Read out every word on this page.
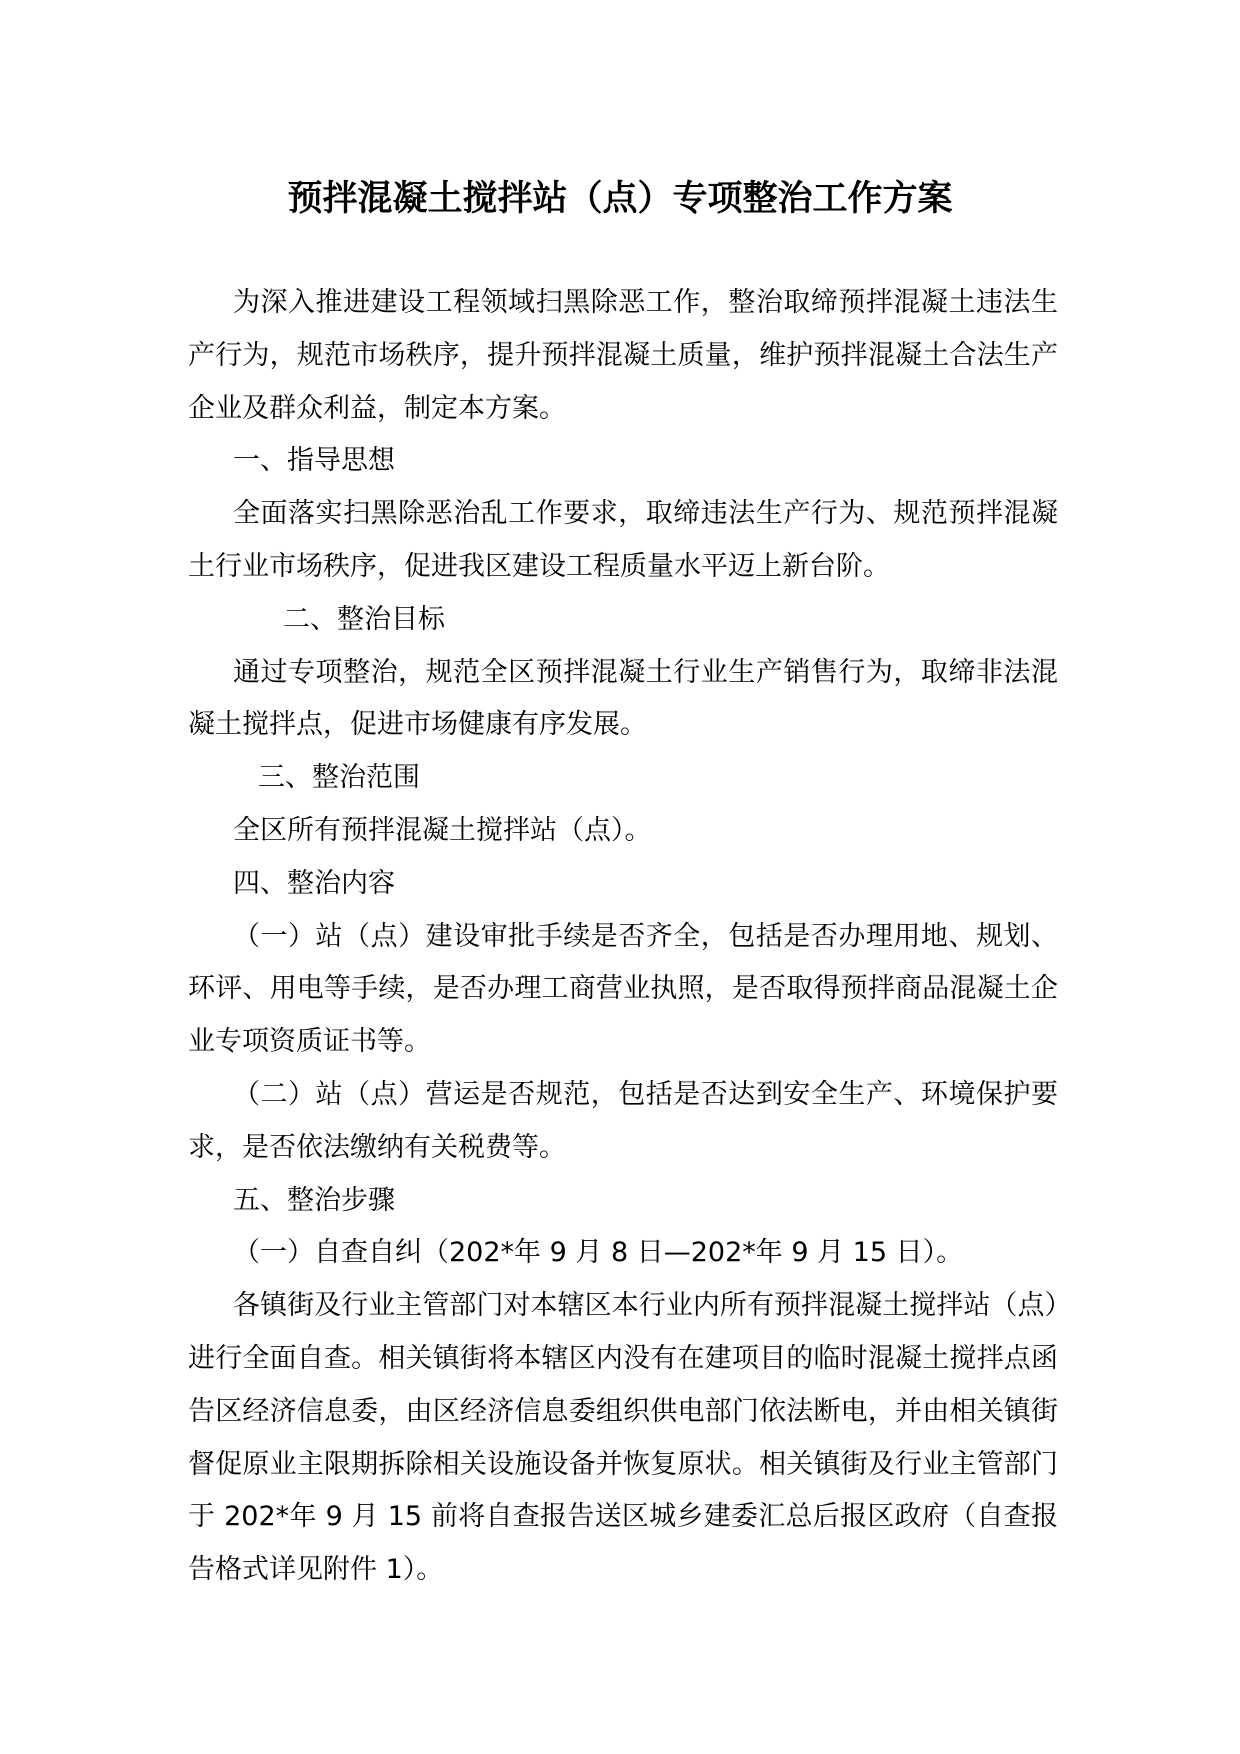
预拌混凝土搅拌站（点）专项整治工作方案

为深入推进建设工程领域扫黑除恶工作，整治取缔预拌混凝土违法生产行为，规范市场秩序，提升预拌混凝土质量，维护预拌混凝土合法生产企业及群众利益，制定本方案。

一、指导思想

全面落实扫黑除恶治乱工作要求，取缔违法生产行为、规范预拌混凝土行业市场秩序，促进我区建设工程质量水平迈上新台阶。

二、整治目标

通过专项整治，规范全区预拌混凝土行业生产销售行为，取缔非法混凝土搅拌点，促进市场健康有序发展。

三、整治范围

全区所有预拌混凝土搅拌站（点）。

四、整治内容

（一）站（点）建设审批手续是否齐全，包括是否办理用地、规划、环评、用电等手续，是否办理工商营业执照，是否取得预拌商品混凝土企业专项资质证书等。

（二）站（点）营运是否规范，包括是否达到安全生产、环境保护要求，是否依法缴纳有关税费等。

五、整治步骤

（一）自查自纠（202*年 9 月 8 日—202*年 9 月 15 日）。

各镇街及行业主管部门对本辖区本行业内所有预拌混凝土搅拌站（点）进行全面自查。相关镇街将本辖区内没有在建项目的临时混凝土搅拌点函告区经济信息委，由区经济信息委组织供电部门依法断电，并由相关镇街督促原业主限期拆除相关设施设备并恢复原状。相关镇街及行业主管部门于 202*年 9 月 15 前将自查报告送区城乡建委汇总后报区政府（自查报告格式详见附件 1）。
